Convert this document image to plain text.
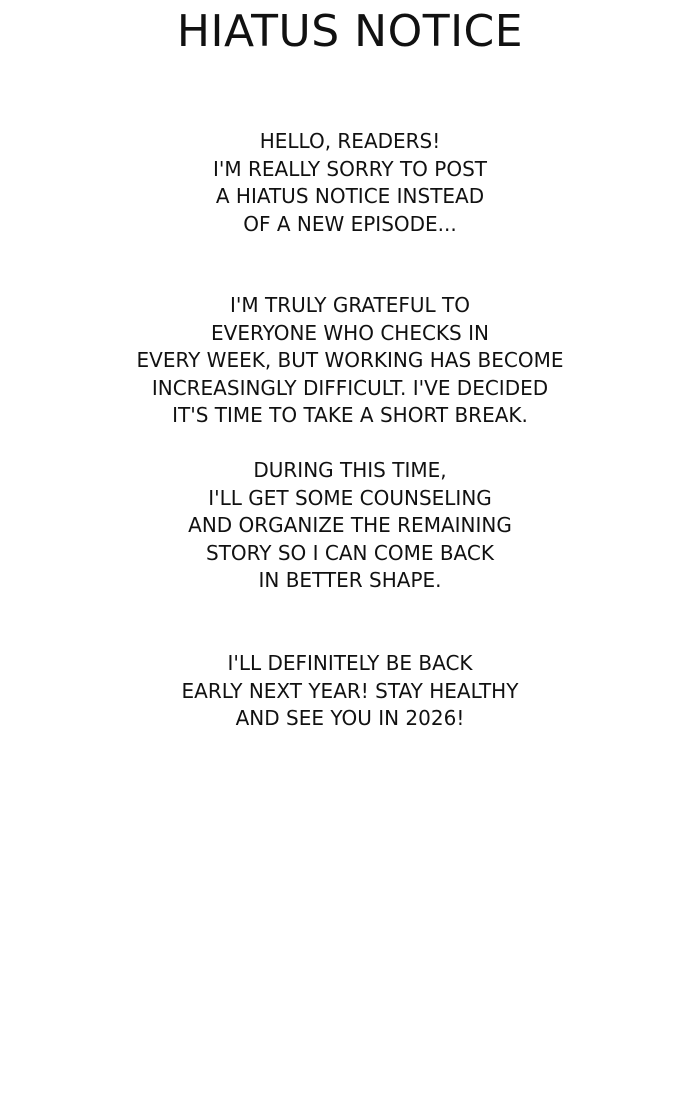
HIATUS NOTICE

HELLO, READERS!
I'M REALLY SORRY TO POST
A HIATUS NOTICE INSTEAD
OF A NEW EPISODE...

I'M TRULY GRATEFUL TO
EVERYONE WHO CHECKS IN
EVERY WEEK, BUT WORKING HAS BECOME
INCREASINGLY DIFFICULT. I'VE DECIDED
IT'S TIME TO TAKE A SHORT BREAK.

DURING THIS TIME,
I'LL GET SOME COUNSELING
AND ORGANIZE THE REMAINING
STORY SO I CAN COME BACK
IN BETTER SHAPE.

I'LL DEFINITELY BE BACK
EARLY NEXT YEAR! STAY HEALTHY
AND SEE YOU IN 2026!
